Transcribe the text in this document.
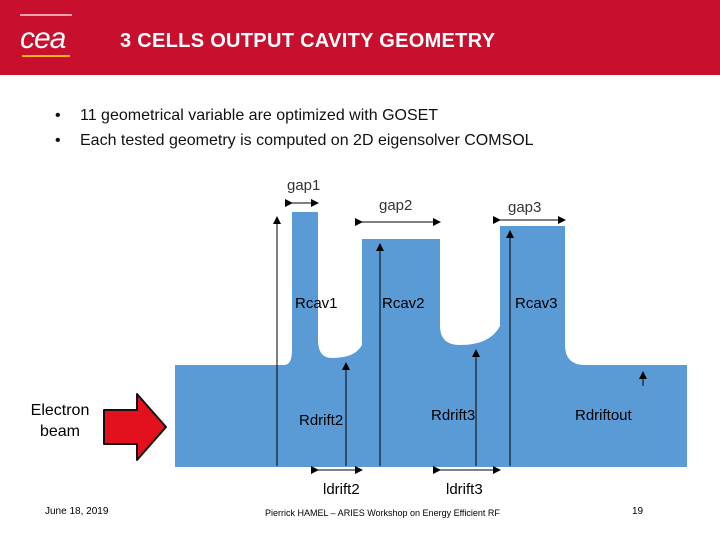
cea	3 CELLS OUTPUT CAVITY GEOMETRY
• 11 geometrical variable are optimized with GOSET
• Each tested geometry is computed on 2D eigensolver COMSOL
gap1
gap2	gap3
Rcav1	Rcav2	Rcav3
Rdrift2	Rdrift3	Rdriftout
ldrift2	ldrift3
Electron beam
June 18, 2019	Pierrick HAMEL – ARIES Workshop on Energy Efficient RF	19
